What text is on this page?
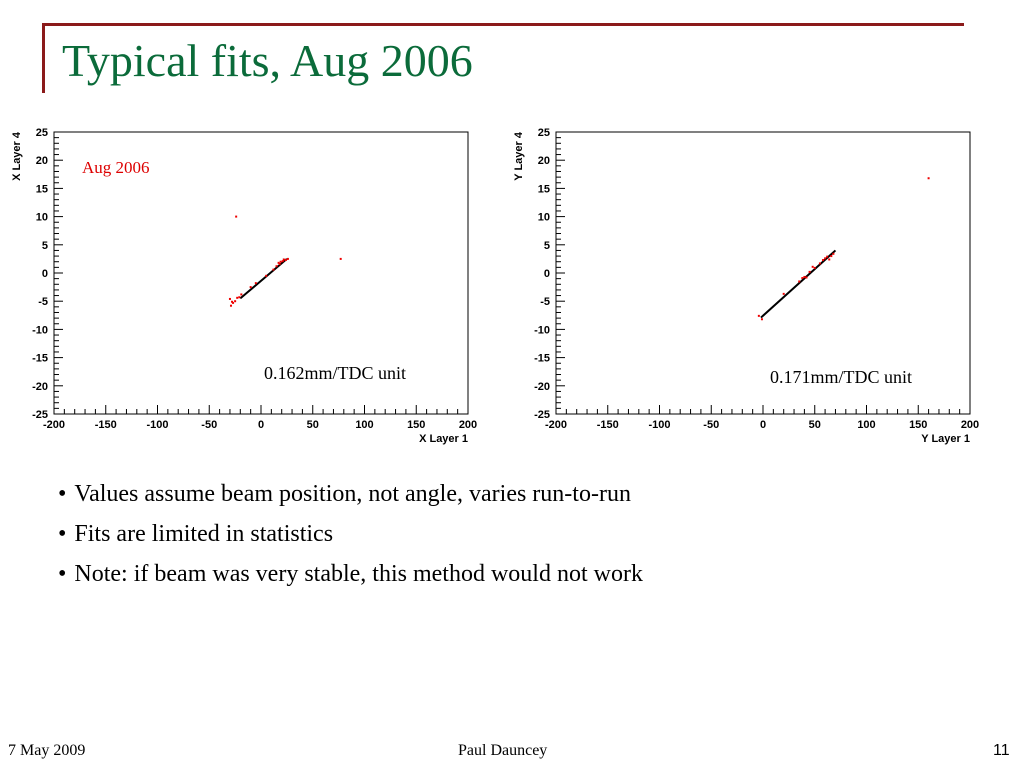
Typical fits, Aug 2006
-200	-150	-100	-50	0	50	100	150	200
-25
-20
-15
-10
-5
0
5
10
15
20
25
X Layer 1
X Layer 4	Aug 2006
0.162mm/TDC unit
-200	-150	-100	-50	0	50	100	150	200
-25
-20
-15
-10
-5
0
5
10
15
20
25
Y Layer 1
Y Layer 4
0.171mm/TDC unit
• Values assume beam position, not angle, varies run-to-run
• Fits are limited in statistics
• Note: if beam was very stable, this method would not work
7 May 2009	Paul Dauncey	11
